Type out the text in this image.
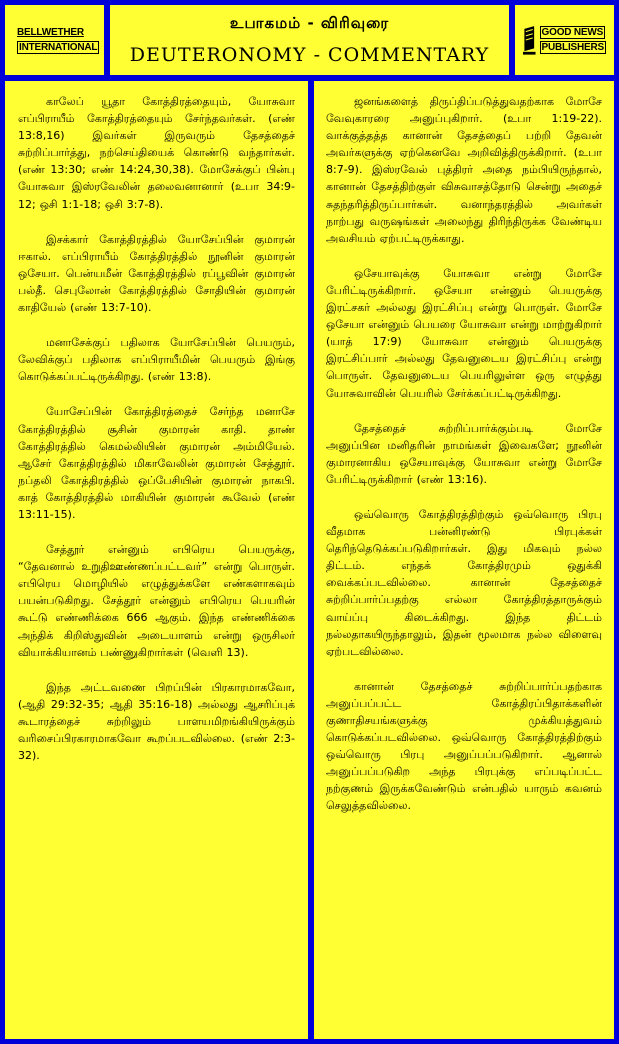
BELLWETHER
INTERNATIONAL
உபாகமம் - விரிவுரை
DEUTERONOMY - COMMENTARY
GOOD NEWS
PUBLISHERS

காலேப் யூதா கோத்திரத்தையும், யோசுவா எப்பிராயீம் கோத்திரத்தையும் சேர்ந்தவர்கள். (எண் 13:8,16) இவர்கள் இருவரும் தேசத்தைச் சுற்றிப்பார்த்து, நற்செய்தியைக் கொண்டு வந்தார்கள். (எண் 13:30; எண் 14:24,30,38). மோசேக்குப் பின்பு யோசுவா இஸ்ரவேலின் தலைவனானார் (உபா 34:9-12; ஒசி 1:1-18; ஒசி 3:7-8).

இசக்கார் கோத்திரத்தில் யோசேப்பின் குமாரன் ஈகால். எப்பிராயீம் கோத்திரத்தில் நூனின் குமாரன் ஒசேயா. பென்யமீன் கோத்திரத்தில் ரப்பூவின் குமாரன் பல்தீ. செபுலோன் கோத்திரத்தில் சோதியின் குமாரன் காதியேல் (எண் 13:7-10).

மனாசேக்குப் பதிலாக யோசேப்பின் பெயரும், லேவிக்குப் பதிலாக எப்பிராயீமின் பெயரும் இங்கு கொடுக்கப்பட்டிருக்கிறது. (எண் 13:8).

யோசேப்பின் கோத்திரத்தைச் சேர்ந்த மனாசே கோத்திரத்தில் சூசின் குமாரன் காதி. தாண் கோத்திரத்தில் கெமல்லியின் குமாரன் அம்மியேல். ஆசேர் கோத்திரத்தில் மிகாவேலின் குமாரன் சேத்தூர். நப்தலி கோத்திரத்தில் ஒப்பேசியின் குமாரன் நாகபி. காத் கோத்திரத்தில் மாகியின் குமாரன் கூவேல் (எண் 13:11-15).

சேத்தூர் என்னும் எபிரெய பெயருக்கு, “தேவனால் உறுதிஊண்ணப்பட்டவர்” என்று பொருள். எபிரெய மொழியில் எழுத்துக்களே எண்களாகவும் பயன்படுகிறது. சேத்தூர் என்னும் எபிரெய பெயரின் கூட்டு எண்ணிக்கை 666 ஆகும். இந்த எண்ணிக்கை அந்திக் கிறிஸ்துவின் அடையாளம் என்று ஒருசிலர் வியாக்கியானம் பண்ணுகிறார்கள் (வெளி 13).

இந்த அட்டவணை பிறப்பின் பிரகாரமாகவோ, (ஆதி 29:32-35; ஆதி 35:16-18) அல்லது ஆசரிப்புக் கூடாரத்தைச் சுற்றிலும் பாளயமிறங்கியிருக்கும் வரிசைப்பிரகாரமாகவோ கூறப்படவில்லை. (எண் 2:3-32).

ஜனங்களைத் திருப்திப்படுத்துவதற்காக மோசே வேவுகாரரை அனுப்புகிறார். (உபா 1:19-22). வாக்குத்தத்த கானான் தேசத்தைப் பற்றி தேவன் அவர்களுக்கு ஏற்கெனவே அறிவித்திருக்கிறார். (உபா 8:7-9). இஸ்ரவேல் புத்திரர் அதை நம்பியிருந்தால், கானான் தேசத்திற்குள் விசுவாசத்தோடு சென்று அதைச் சுதந்தரித்திருப்பார்கள். வனாந்தரத்தில் அவர்கள் நாற்பது வருஷங்கள் அலைந்து திரிந்திருக்க வேண்டிய அவசியம் ஏற்பட்டிருக்காது.

ஒசேயாவுக்கு யோசுவா என்று மோசே பேரிட்டிருக்கிறார். ஒசேயா என்னும் பெயருக்கு இரட்சகர் அல்லது இரட்சிப்பு என்று பொருள். மோசே ஒசேயா என்னும் பெயரை யோசுவா என்று மாற்றுகிறார் (யாத் 17:9) யோசுவா என்னும் பெயருக்கு இரட்சிப்பார் அல்லது தேவனுடைய இரட்சிப்பு என்று பொருள். தேவனுடைய பெயரிலுள்ள ஒரு எழுத்து யோசுவாவின் பெயரில் சேர்க்கப்பட்டிருக்கிறது.

தேசத்தைச் சுற்றிப்பார்க்கும்படி மோசே அனுப்பின மனிதரின் நாமங்கள் இவைகளே; நூனின் குமாரனாகிய ஒசேயாவுக்கு யோசுவா என்று மோசே பேரிட்டிருக்கிறார் (எண் 13:16).

ஒவ்வொரு கோத்திரத்திற்கும் ஒவ்வொரு பிரபு வீதமாக பன்னிரண்டு பிரபுக்கள் தெரிந்தெடுக்கப்படுகிறார்கள். இது மிகவும் நல்ல திட்டம். எந்தக் கோத்திரமும் ஒதுக்கி வைக்கப்படவில்லை. கானான் தேசத்தைச் சுற்றிப்பார்ப்பதற்கு எல்லா கோத்திரத்தாருக்கும் வாய்ப்பு கிடைக்கிறது. இந்த திட்டம் நல்லதாகயிருந்தாலும், இதன் மூலமாக நல்ல விளைவு ஏற்படவில்லை.

கானான் தேசத்தைச் சுற்றிப்பார்ப்பதற்காக அனுப்பப்பட்ட கோத்திரப்பிதாக்களின் குணாதிசயங்களுக்கு முக்கியத்துவம் கொடுக்கப்படவில்லை. ஒவ்வொரு கோத்திரத்திற்கும் ஒவ்வொரு பிரபு அனுப்பப்படுகிறார். ஆனால் அனுப்பப்படுகிற அந்த பிரபுக்கு எப்படிப்பட்ட நற்குணம் இருக்கவேண்டும் என்பதில் யாரும் கவனம் செலுத்தவில்லை.
